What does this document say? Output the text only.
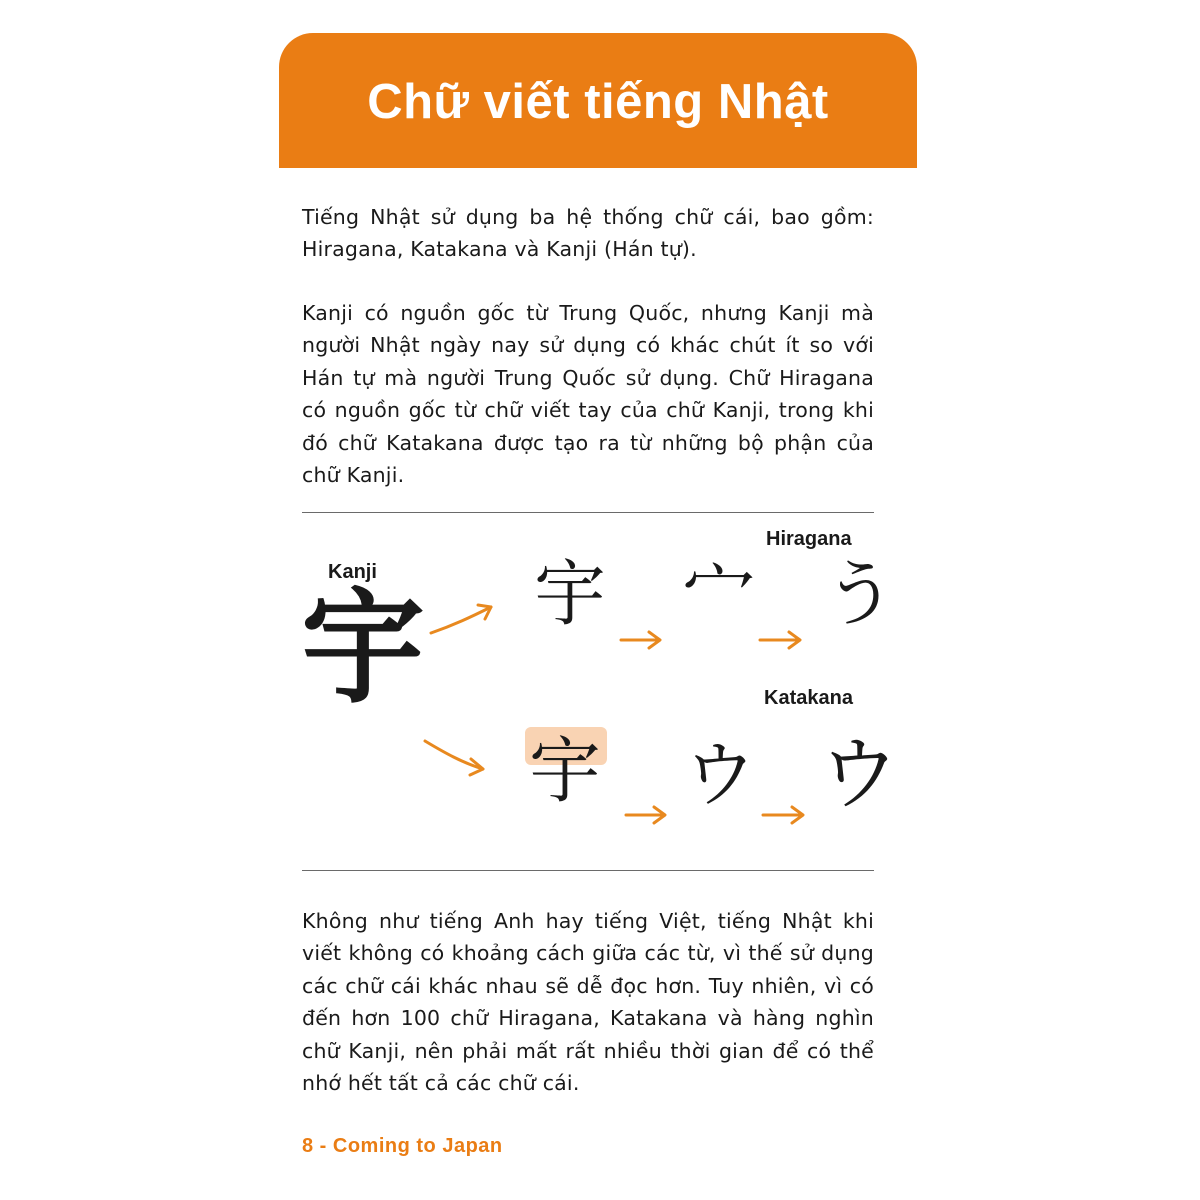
Chữ viết tiếng Nhật

Tiếng Nhật sử dụng ba hệ thống chữ cái, bao gồm: Hiragana, Katakana và Kanji (Hán tự).

Kanji có nguồn gốc từ Trung Quốc, nhưng Kanji mà người Nhật ngày nay sử dụng có khác chút ít so với Hán tự mà người Trung Quốc sử dụng. Chữ Hiragana có nguồn gốc từ chữ viết tay của chữ Kanji, trong khi đó chữ Katakana được tạo ra từ những bộ phận của chữ Kanji.

Kanji
Hiragana
Katakana
宇 宇 宀 う
宇 ウ ウ

Không như tiếng Anh hay tiếng Việt, tiếng Nhật khi viết không có khoảng cách giữa các từ, vì thế sử dụng các chữ cái khác nhau sẽ dễ đọc hơn. Tuy nhiên, vì có đến hơn 100 chữ Hiragana, Katakana và hàng nghìn chữ Kanji, nên phải mất rất nhiều thời gian để có thể nhớ hết tất cả các chữ cái.

8 - Coming to Japan
